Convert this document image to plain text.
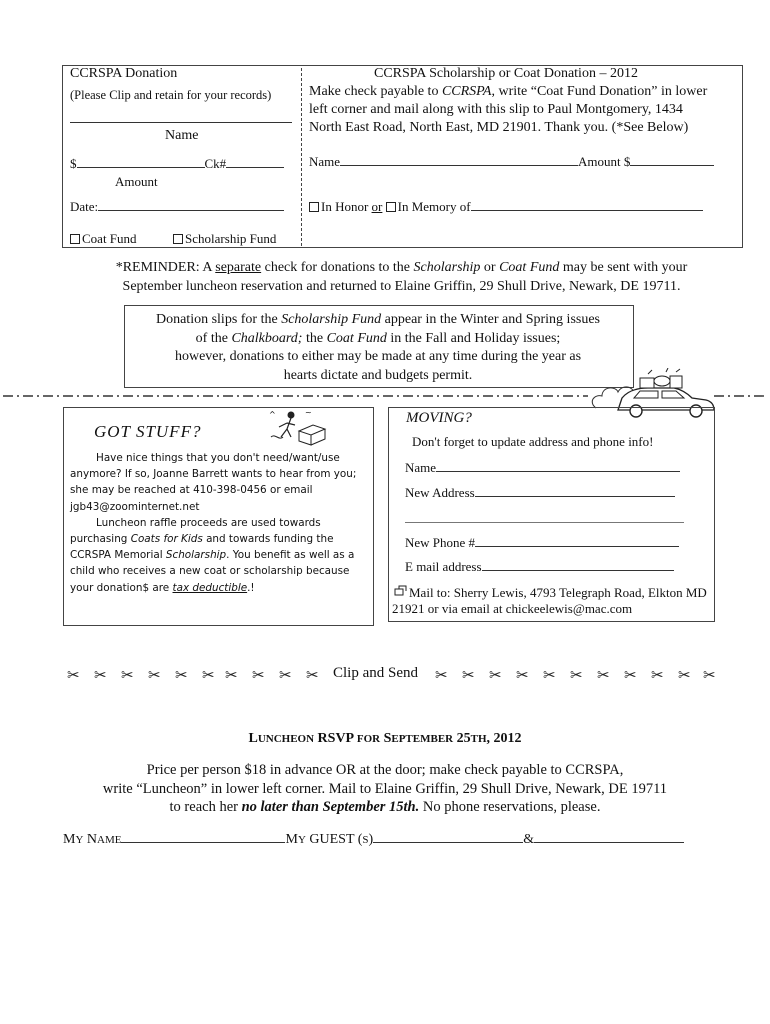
CCRSPA Donation
(Please Clip and retain for your records)
Name
$	Ck#
Amount
Date:
Coat Fund	Scholarship Fund
CCRSPA Scholarship or Coat Donation – 2012
Make check payable to CCRSPA, write “Coat Fund Donation” in lower
left corner and mail along with this slip to Paul Montgomery, 1434
North East Road, North East, MD 21901. Thank you. (*See Below)
Name	Amount $
In Honor or In Memory of
*REMINDER: A separate check for donations to the Scholarship or Coat Fund may be sent with your
September luncheon reservation and returned to Elaine Griffin, 29 Shull Drive, Newark, DE 19711.
Donation slips for the Scholarship Fund appear in the Winter and Spring issues
of the Chalkboard; the Coat Fund in the Fall and Holiday issues;
however, donations to either may be made at any time during the year as
hearts dictate and budgets permit.
GOT STUFF?
^	~
Have nice things that you don't need/want/use anymore? If so, Joanne Barrett wants to hear from you; she may be reached at 410-398-0456 or email jgb43@zoominternet.net
Luncheon raffle proceeds are used towards purchasing Coats for Kids and towards funding the CCRSPA Memorial Scholarship. You benefit as well as a child who receives a new coat or scholarship because your donation$ are tax deductible.!
MOVING?
Don't forget to update address and phone info!
Name
New Address
New Phone #
E mail address
Mail to: Sherry Lewis, 4793 Telegraph Road, Elkton MD 21921 or via email at chickeelewis@mac.com
✂ ✂ ✂ ✂ ✂ ✂ ✂ ✂ ✂ ✂ Clip and Send ✂ ✂ ✂ ✂ ✂ ✂ ✂ ✂ ✂ ✂ ✂
LUNCHEON RSVP FOR SEPTEMBER 25TH, 2012
Price per person $18 in advance OR at the door; make check payable to CCRSPA,
write “Luncheon” in lower left corner. Mail to Elaine Griffin, 29 Shull Drive, Newark, DE 19711
to reach her no later than September 15th. No phone reservations, please.
MY NAME	MY GUEST (S)	&
